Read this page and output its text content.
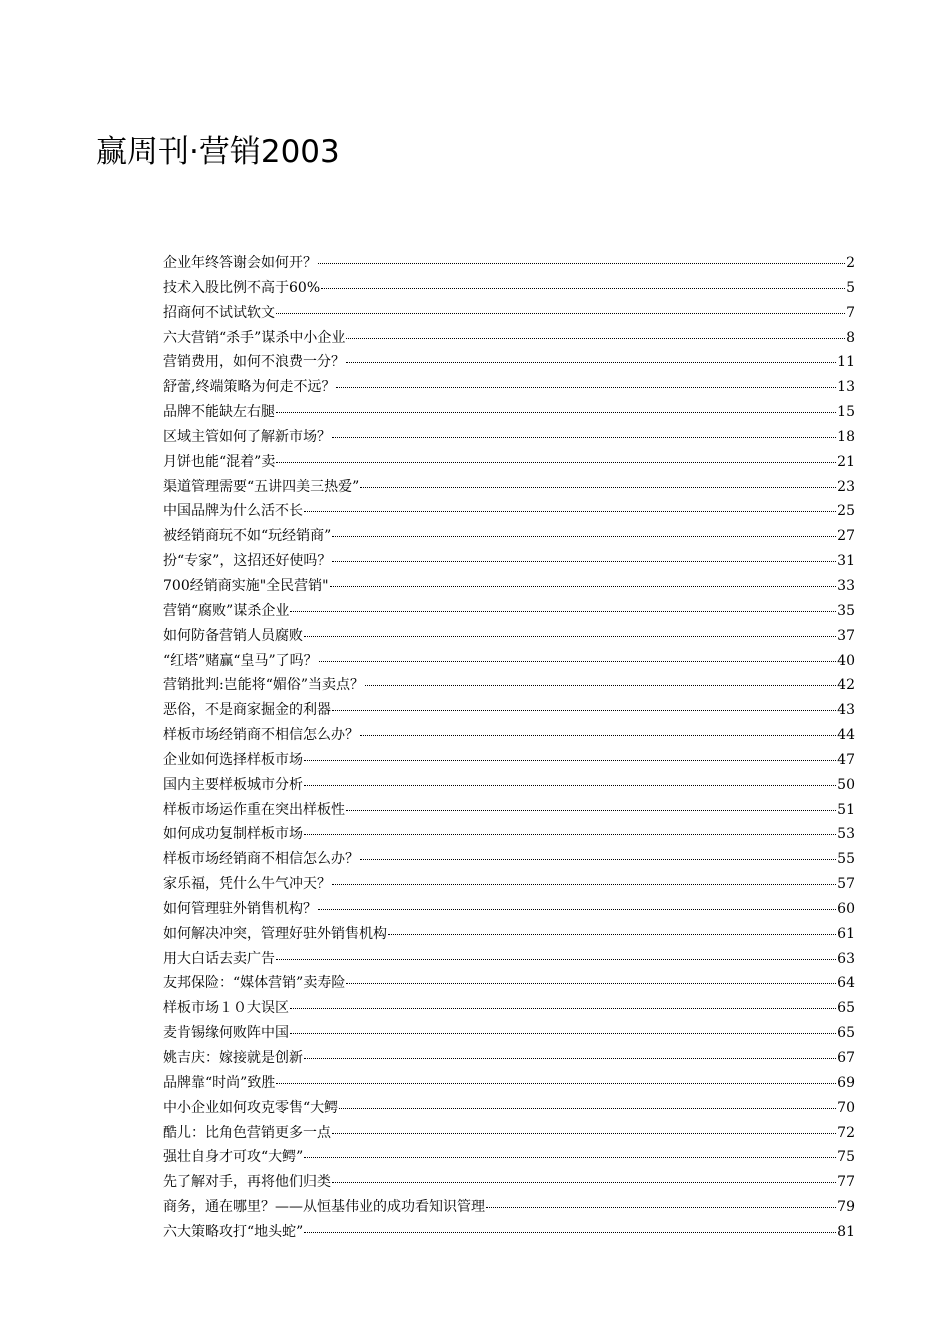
赢周刊·营销2003
企业年终答谢会如何开？	2
技术入股比例不高于60%	5
招商何不试试软文	7
六大营销“杀手”谋杀中小企业	8
营销费用，如何不浪费一分？	11
舒蕾,终端策略为何走不远？	13
品牌不能缺左右腿	15
区域主管如何了解新市场？	18
月饼也能“混着”卖	21
渠道管理需要“五讲四美三热爱”	23
中国品牌为什么活不长	25
被经销商玩不如“玩经销商”	27
扮“专家”，这招还好使吗？	31
700经销商实施"全民营销"	33
营销“腐败”谋杀企业	35
如何防备营销人员腐败	37
“红塔”赌赢“皇马”了吗？	40
营销批判:岂能将“媚俗”当卖点？	42
恶俗，不是商家掘金的利器	43
样板市场经销商不相信怎么办？	44
企业如何选择样板市场	47
国内主要样板城市分析	50
样板市场运作重在突出样板性	51
如何成功复制样板市场	53
样板市场经销商不相信怎么办？	55
家乐福，凭什么牛气冲天？	57
如何管理驻外销售机构？	60
如何解决冲突，管理好驻外销售机构	61
用大白话去卖广告	63
友邦保险：“媒体营销”卖寿险	64
样板市场１０大误区	65
麦肯锡缘何败阵中国	65
姚吉庆：嫁接就是创新	67
品牌靠“时尚”致胜	69
中小企业如何攻克零售“大鳄	70
酷儿：比角色营销更多一点	72
强壮自身才可攻“大鳄”	75
先了解对手，再将他们归类	77
商务，通在哪里？——从恒基伟业的成功看知识管理	79
六大策略攻打“地头蛇”	81
